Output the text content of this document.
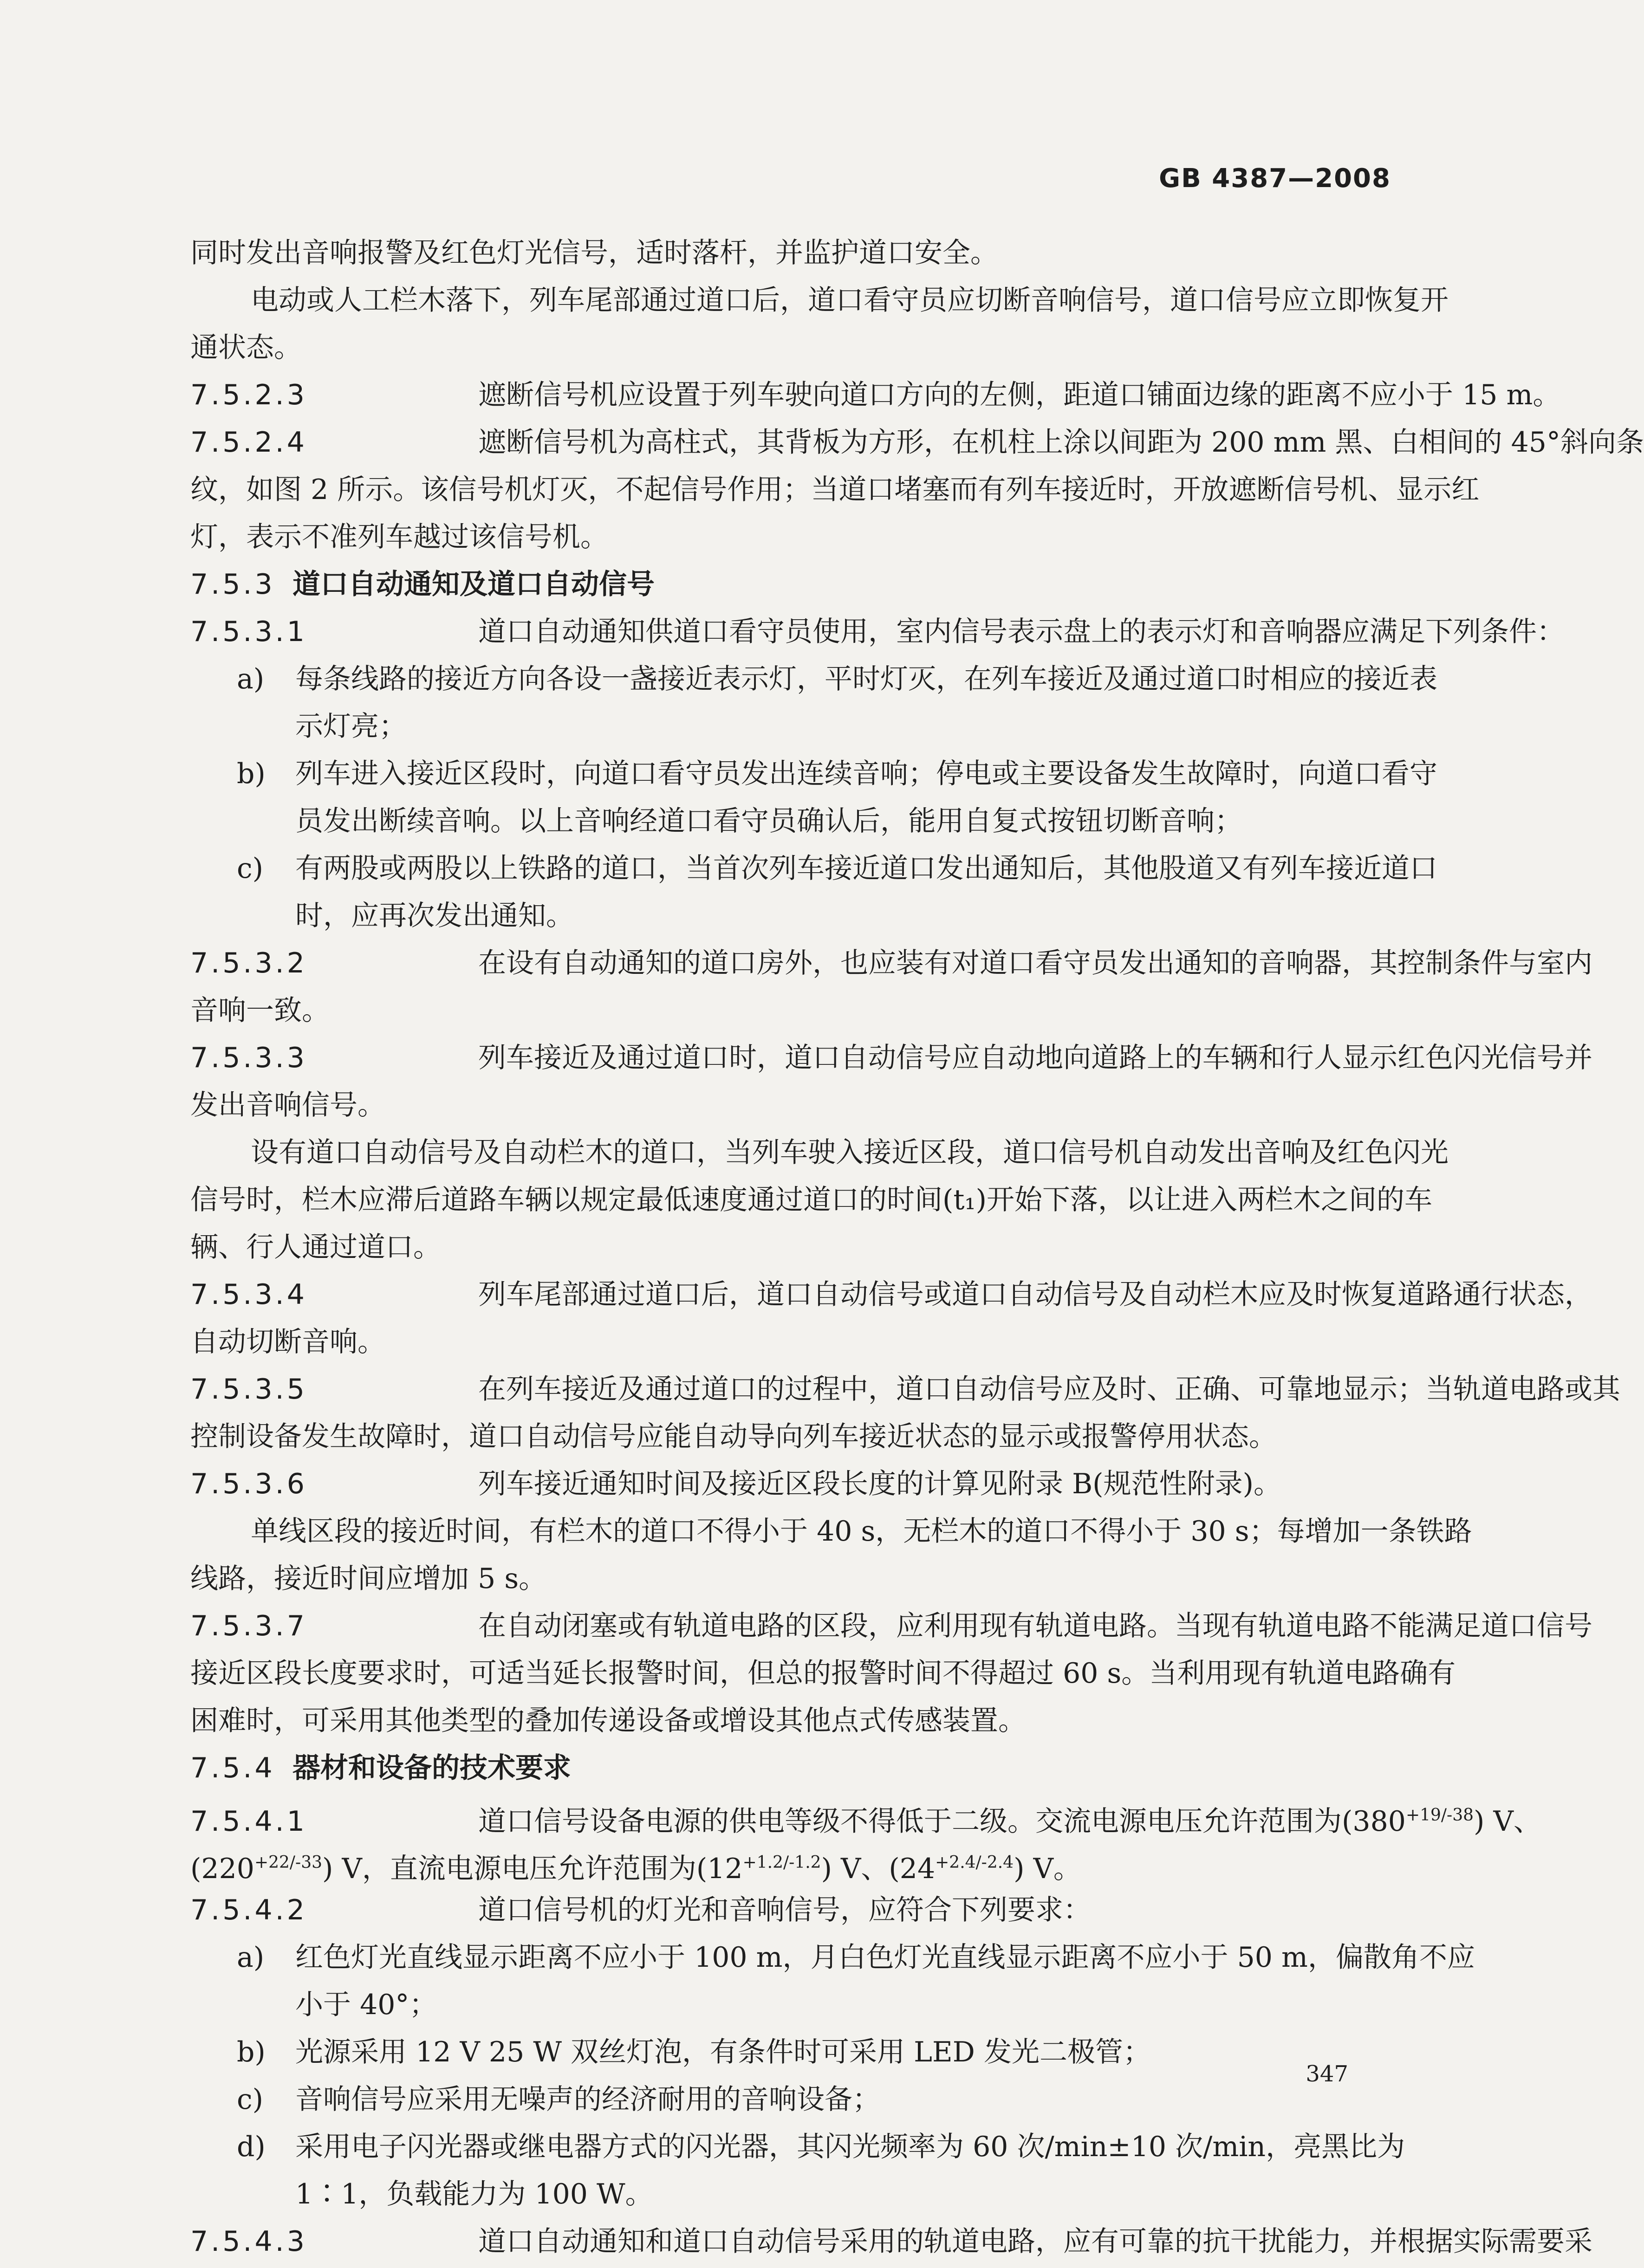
GB 4387—2008
同时发出音响报警及红色灯光信号，适时落杆，并监护道口安全。
电动或人工栏木落下，列车尾部通过道口后，道口看守员应切断音响信号，道口信号应立即恢复开
通状态。
7.5.2.3	遮断信号机应设置于列车驶向道口方向的左侧，距道口铺面边缘的距离不应小于 15 m。
7.5.2.4	遮断信号机为高柱式，其背板为方形，在机柱上涂以间距为 200 mm 黑、白相间的 45°斜向条
纹，如图 2 所示。该信号机灯灭，不起信号作用；当道口堵塞而有列车接近时，开放遮断信号机、显示红
灯，表示不准列车越过该信号机。
7.5.3 道口自动通知及道口自动信号
7.5.3.1	道口自动通知供道口看守员使用，室内信号表示盘上的表示灯和音响器应满足下列条件：
a) 每条线路的接近方向各设一盏接近表示灯，平时灯灭，在列车接近及通过道口时相应的接近表
示灯亮；
b) 列车进入接近区段时，向道口看守员发出连续音响；停电或主要设备发生故障时，向道口看守
员发出断续音响。以上音响经道口看守员确认后，能用自复式按钮切断音响；
c) 有两股或两股以上铁路的道口，当首次列车接近道口发出通知后，其他股道又有列车接近道口
时，应再次发出通知。
7.5.3.2	在设有自动通知的道口房外，也应装有对道口看守员发出通知的音响器，其控制条件与室内
音响一致。
7.5.3.3	列车接近及通过道口时，道口自动信号应自动地向道路上的车辆和行人显示红色闪光信号并
发出音响信号。
设有道口自动信号及自动栏木的道口，当列车驶入接近区段，道口信号机自动发出音响及红色闪光
信号时，栏木应滞后道路车辆以规定最低速度通过道口的时间(t₁)开始下落，以让进入两栏木之间的车
辆、行人通过道口。
7.5.3.4	列车尾部通过道口后，道口自动信号或道口自动信号及自动栏木应及时恢复道路通行状态，
自动切断音响。
7.5.3.5	在列车接近及通过道口的过程中，道口自动信号应及时、正确、可靠地显示；当轨道电路或其
控制设备发生故障时，道口自动信号应能自动导向列车接近状态的显示或报警停用状态。
7.5.3.6	列车接近通知时间及接近区段长度的计算见附录 B(规范性附录)。
单线区段的接近时间，有栏木的道口不得小于 40 s，无栏木的道口不得小于 30 s；每增加一条铁路
线路，接近时间应增加 5 s。
7.5.3.7	在自动闭塞或有轨道电路的区段，应利用现有轨道电路。当现有轨道电路不能满足道口信号
接近区段长度要求时，可适当延长报警时间，但总的报警时间不得超过 60 s。当利用现有轨道电路确有
困难时，可采用其他类型的叠加传递设备或增设其他点式传感装置。
7.5.4 器材和设备的技术要求
7.5.4.1	道口信号设备电源的供电等级不得低于二级。交流电源电压允许范围为$(380^{+19/-38})$ V、
$(220^{+22/-33})$ V，直流电源电压允许范围为$(12^{+1.2/-1.2})$ V、$(24^{+2.4/-2.4})$ V。
7.5.4.2	道口信号机的灯光和音响信号，应符合下列要求：
a) 红色灯光直线显示距离不应小于 100 m，月白色灯光直线显示距离不应小于 50 m，偏散角不应
小于 40°；
b) 光源采用 12 V 25 W 双丝灯泡，有条件时可采用 LED 发光二极管；
c) 音响信号应采用无噪声的经济耐用的音响设备；
d) 采用电子闪光器或继电器方式的闪光器，其闪光频率为 60 次/min±10 次/min，亮黑比为
1∶1，负载能力为 100 W。
7.5.4.3	道口自动通知和道口自动信号采用的轨道电路，应有可靠的抗干扰能力，并根据实际需要采
347
